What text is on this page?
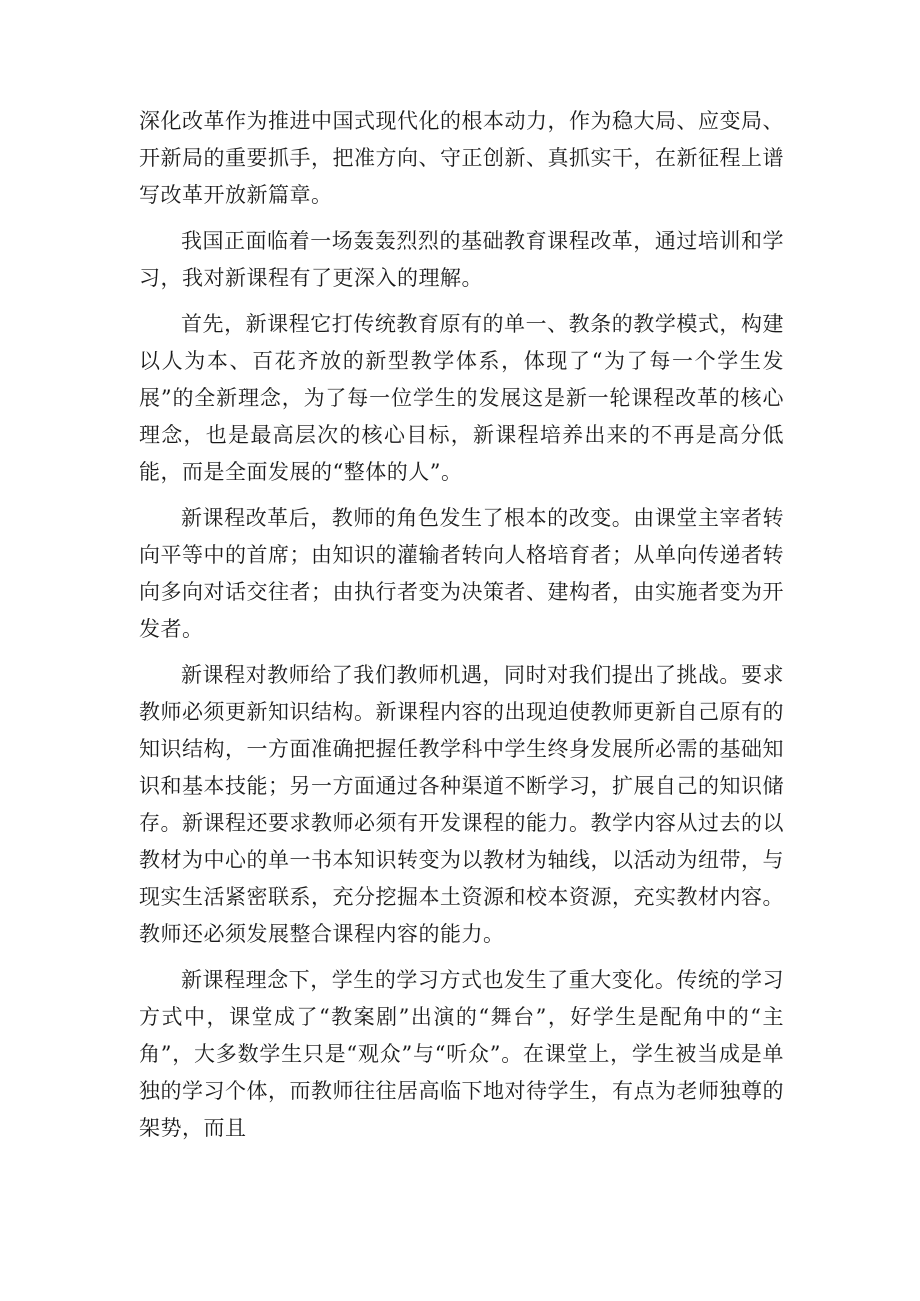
深化改革作为推进中国式现代化的根本动力，作为稳大局、应变局、开新局的重要抓手，把准方向、守正创新、真抓实干，在新征程上谱写改革开放新篇章。

我国正面临着一场轰轰烈烈的基础教育课程改革，通过培训和学习，我对新课程有了更深入的理解。

首先，新课程它打传统教育原有的单一、教条的教学模式，构建以人为本、百花齐放的新型教学体系，体现了“为了每一个学生发展”的全新理念，为了每一位学生的发展这是新一轮课程改革的核心理念，也是最高层次的核心目标，新课程培养出来的不再是高分低能，而是全面发展的“整体的人”。

新课程改革后，教师的角色发生了根本的改变。由课堂主宰者转向平等中的首席；由知识的灌输者转向人格培育者；从单向传递者转向多向对话交往者；由执行者变为决策者、建构者，由实施者变为开发者。

新课程对教师给了我们教师机遇，同时对我们提出了挑战。要求教师必须更新知识结构。新课程内容的出现迫使教师更新自己原有的知识结构，一方面准确把握任教学科中学生终身发展所必需的基础知识和基本技能；另一方面通过各种渠道不断学习，扩展自己的知识储存。新课程还要求教师必须有开发课程的能力。教学内容从过去的以教材为中心的单一书本知识转变为以教材为轴线，以活动为纽带，与现实生活紧密联系，充分挖掘本土资源和校本资源，充实教材内容。教师还必须发展整合课程内容的能力。

新课程理念下，学生的学习方式也发生了重大变化。传统的学习方式中，课堂成了“教案剧”出演的“舞台”，好学生是配角中的“主角”，大多数学生只是“观众”与“听众”。在课堂上，学生被当成是单独的学习个体，而教师往往居高临下地对待学生，有点为老师独尊的架势，而且
